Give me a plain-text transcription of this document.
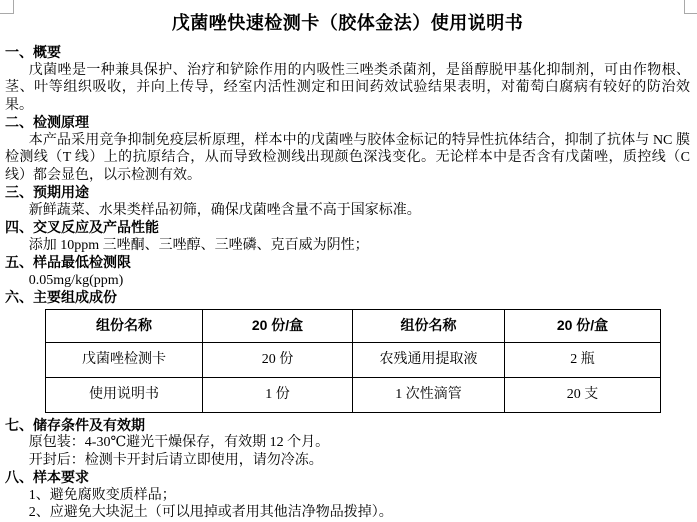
戊菌唑快速检测卡（胶体金法）使用说明书
一、概要

戊菌唑是一种兼具保护、治疗和铲除作用的内吸性三唑类杀菌剂，是甾醇脱甲基化抑制剂，可由作物根、茎、叶等组织吸收，并向上传导，经室内活性测定和田间药效试验结果表明，对葡萄白腐病有较好的防治效果。

二、检测原理

本产品采用竞争抑制免疫层析原理，样本中的戊菌唑与胶体金标记的特异性抗体结合，抑制了抗体与 NC 膜检测线（T 线）上的抗原结合，从而导致检测线出现颜色深浅变化。无论样本中是否含有戊菌唑，质控线（C 线）都会显色，以示检测有效。

三、预期用途

新鲜蔬菜、水果类样品初筛，确保戊菌唑含量不高于国家标准。

四、交叉反应及产品性能

添加 10ppm 三唑酮、三唑醇、三唑磷、克百威为阴性；

五、样品最低检测限

0.05mg/kg(ppm)

六、主要组成成份
组份名称	20 份/盒	组份名称	20 份/盒
戊菌唑检测卡	20 份	农残通用提取液	2 瓶
使用说明书	1 份	1 次性滴管	20 支
七、储存条件及有效期

原包装：4-30℃避光干燥保存，有效期 12 个月。

开封后：检测卡开封后请立即使用，请勿冷冻。

八、样本要求

1、避免腐败变质样品；

2、应避免大块泥土（可以甩掉或者用其他洁净物品拨掉）。
